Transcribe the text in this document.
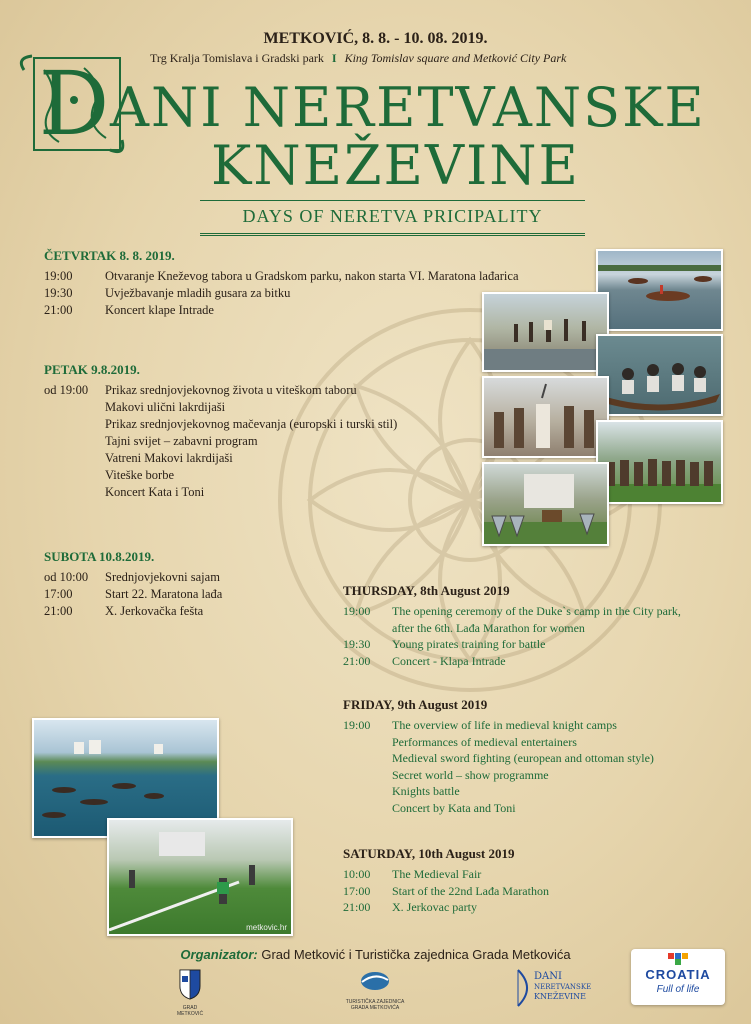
METKOVIĆ, 8. 8. - 10. 08. 2019.
Trg Kralja Tomislava i Gradski park I King Tomislav square and Metković City Park
D ANI NERETVANSKE
KNEŽEVINE
DAYS OF NERETVA PRICIPALITY
ČETVRTAK 8. 8. 2019.
19:00	Otvaranje Kneževog tabora u Gradskom parku, nakon starta VI. Maratona lađarica
19:30	Uvježbavanje mladih gusara za bitku
21:00	Koncert klape Intrade
PETAK 9.8.2019.
od 19:00	Prikaz srednjovjekovnog života u viteškom taboru
Makovi ulični lakrdijaši
Prikaz srednjovjekovnog mačevanja (europski i turski stil)
Tajni svijet – zabavni program
Vatreni Makovi lakrdijaši
Viteške borbe
Koncert Kata i Toni
SUBOTA 10.8.2019.
od 10:00	Srednjovjekovni sajam
17:00	Start 22. Maratona lađa
21:00	X. Jerkovačka fešta
THURSDAY, 8th August 2019
19:00	The opening ceremony of the Duke`s camp in the City park,
after the 6th. Lađa Marathon for women
19:30	Young pirates training for battle
21:00	Concert - Klapa Intrade
FRIDAY, 9th August 2019
19:00	The overview of life in medieval knight camps
Performances of medieval entertainers
Medieval sword fighting (european and ottoman style)
Secret world – show programme
Knights battle
Concert by Kata and Toni
SATURDAY, 10th August 2019
10:00	The Medieval Fair
17:00	Start of the 22nd Lađa Marathon
21:00	X. Jerkovac party
metkovic.hr
Organizator: Grad Metković i Turistička zajednica Grada Metkovića
GRAD METKOVIĆ
TURISTIČKA ZAJEDNICA
GRADA METKOVIĆA
DANI
NERETVANSKE
KNEŽEVINE
CROATIA
Full of life
